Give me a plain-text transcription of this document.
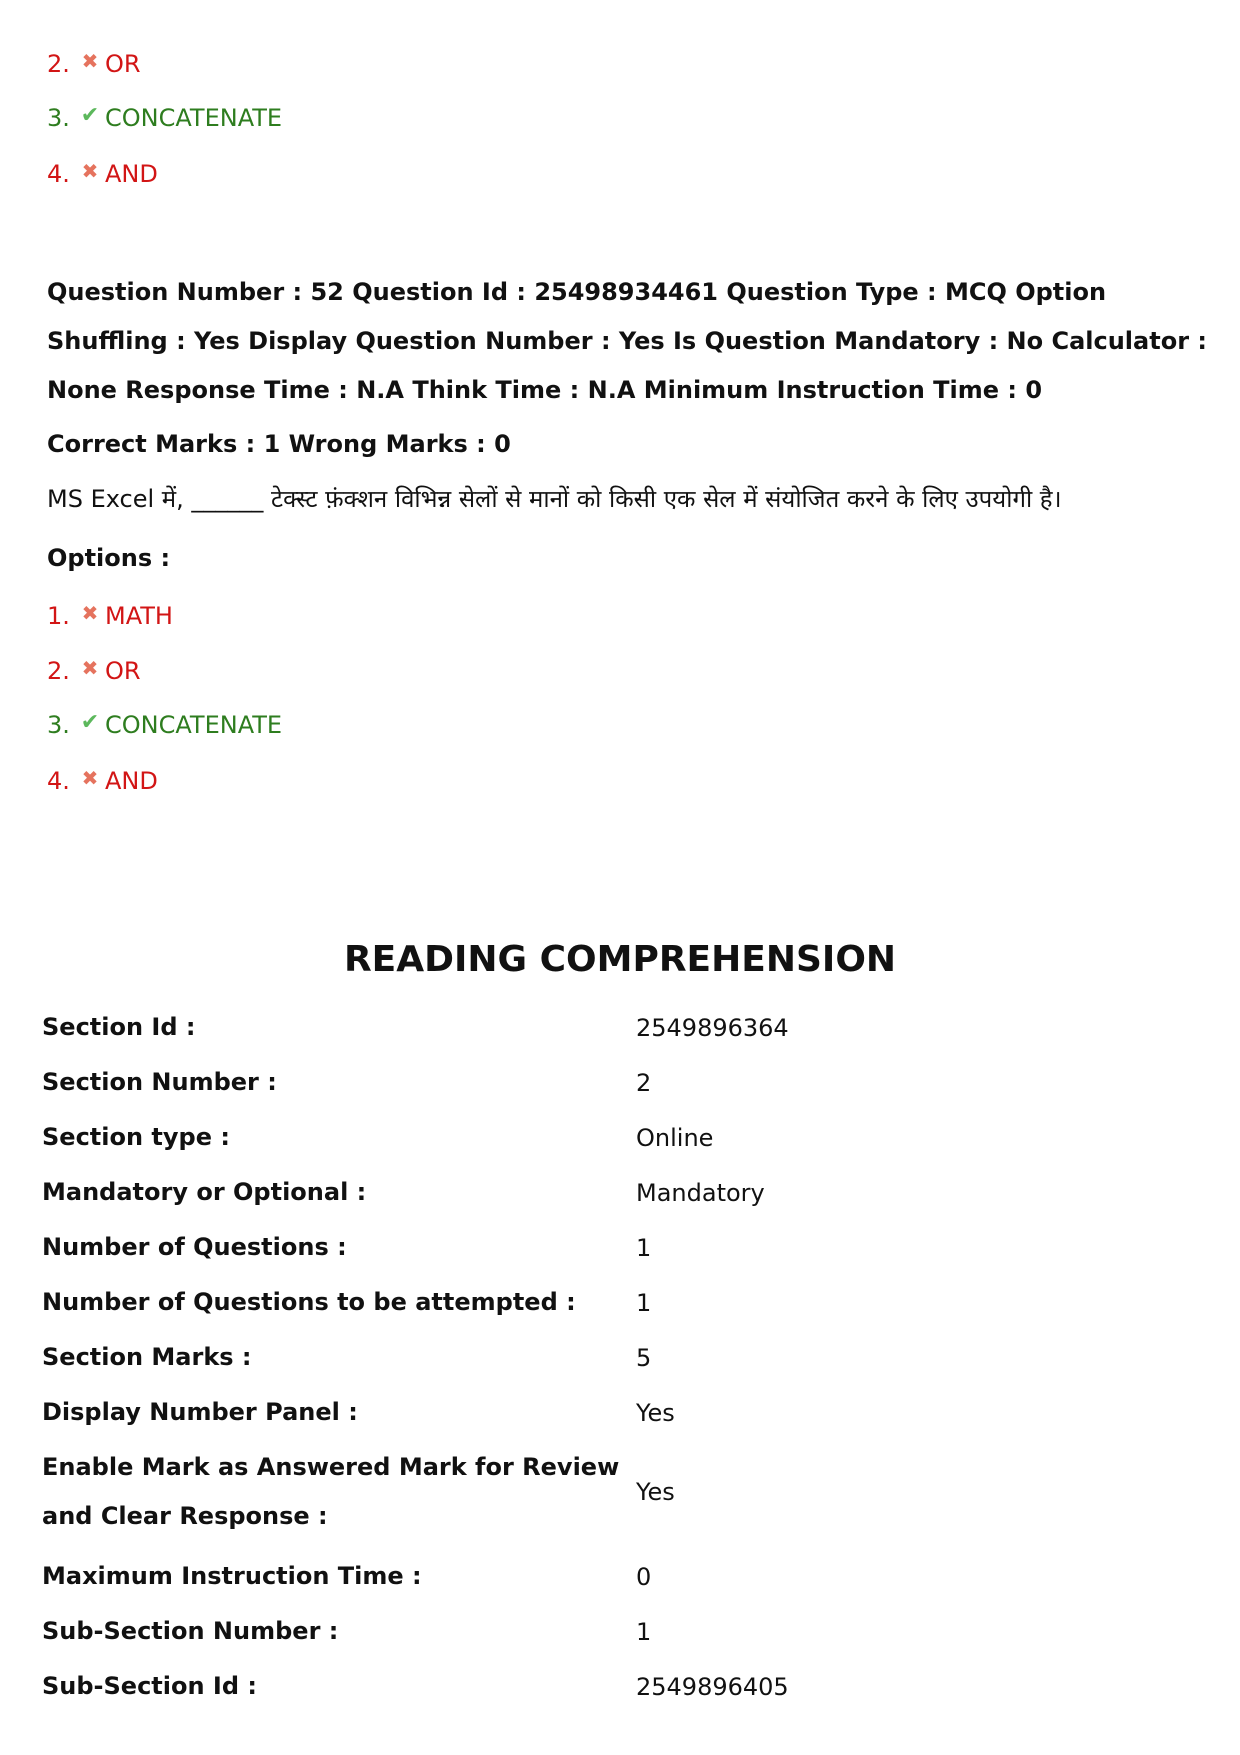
2. ✖ OR
3. ✔ CONCATENATE
4. ✖ AND
Question Number : 52 Question Id : 25498934461 Question Type : MCQ Option Shuffling : Yes Display Question Number : Yes Is Question Mandatory : No Calculator : None Response Time : N.A Think Time : N.A Minimum Instruction Time : 0
Correct Marks : 1 Wrong Marks : 0
MS Excel में, ______ टेक्स्ट फ़ंक्शन विभिन्न सेलों से मानों को किसी एक सेल में संयोजित करने के लिए उपयोगी है।
Options :
1. ✖ MATH
2. ✖ OR
3. ✔ CONCATENATE
4. ✖ AND
READING COMPREHENSION
Section Id :	2549896364
Section Number :	2
Section type :	Online
Mandatory or Optional :	Mandatory
Number of Questions :	1
Number of Questions to be attempted :	1
Section Marks :	5
Display Number Panel :	Yes
Enable Mark as Answered Mark for Review and Clear Response :
Yes
Maximum Instruction Time :	0
Sub-Section Number :	1
Sub-Section Id :	2549896405
